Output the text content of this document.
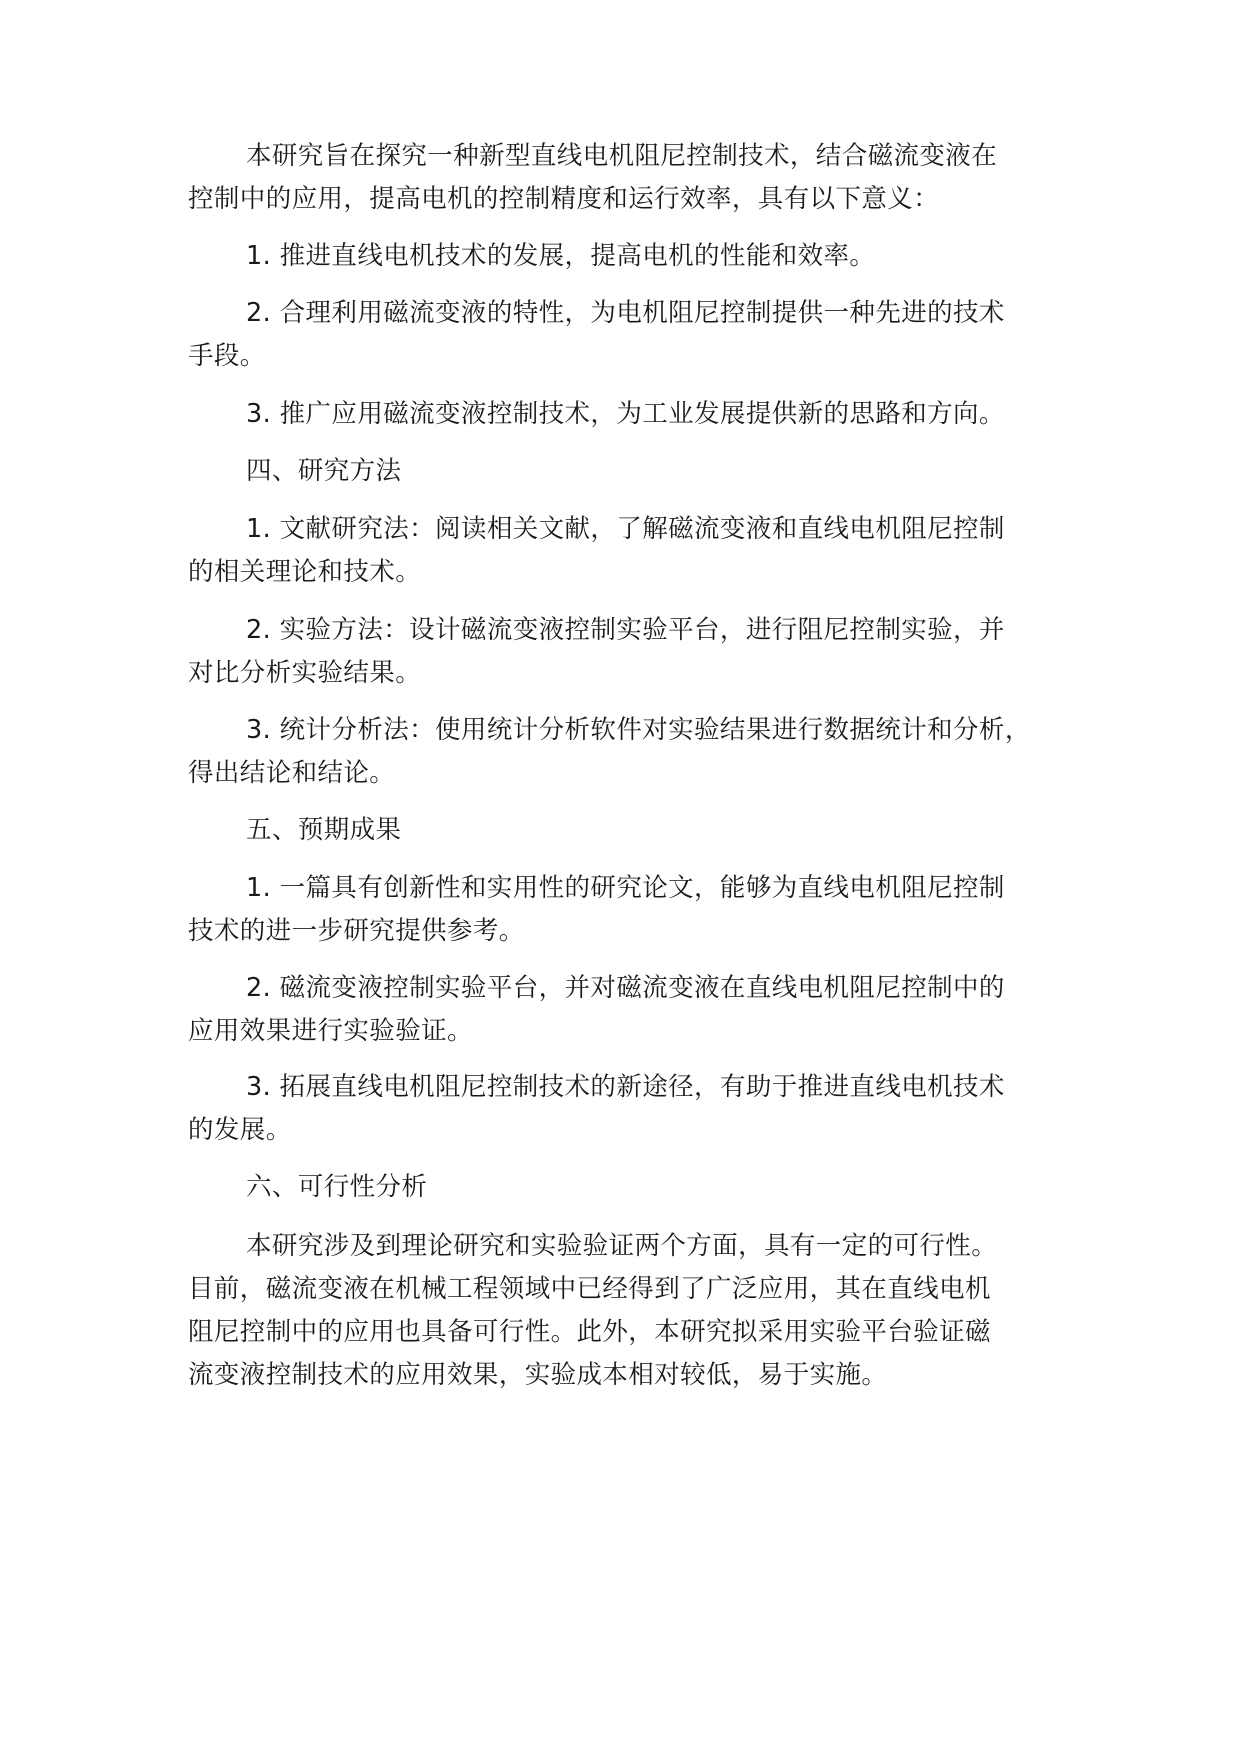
本研究旨在探究一种新型直线电机阻尼控制技术，结合磁流变液在
控制中的应用，提高电机的控制精度和运行效率，具有以下意义：
1. 推进直线电机技术的发展，提高电机的性能和效率。
2. 合理利用磁流变液的特性，为电机阻尼控制提供一种先进的技术
手段。
3. 推广应用磁流变液控制技术，为工业发展提供新的思路和方向。
四、研究方法
1. 文献研究法：阅读相关文献，了解磁流变液和直线电机阻尼控制
的相关理论和技术。
2. 实验方法：设计磁流变液控制实验平台，进行阻尼控制实验，并
对比分析实验结果。
3. 统计分析法：使用统计分析软件对实验结果进行数据统计和分析，
得出结论和结论。
五、预期成果
1. 一篇具有创新性和实用性的研究论文，能够为直线电机阻尼控制
技术的进一步研究提供参考。
2. 磁流变液控制实验平台，并对磁流变液在直线电机阻尼控制中的
应用效果进行实验验证。
3. 拓展直线电机阻尼控制技术的新途径，有助于推进直线电机技术
的发展。
六、可行性分析
本研究涉及到理论研究和实验验证两个方面，具有一定的可行性。
目前，磁流变液在机械工程领域中已经得到了广泛应用，其在直线电机
阻尼控制中的应用也具备可行性。此外，本研究拟采用实验平台验证磁
流变液控制技术的应用效果，实验成本相对较低，易于实施。
